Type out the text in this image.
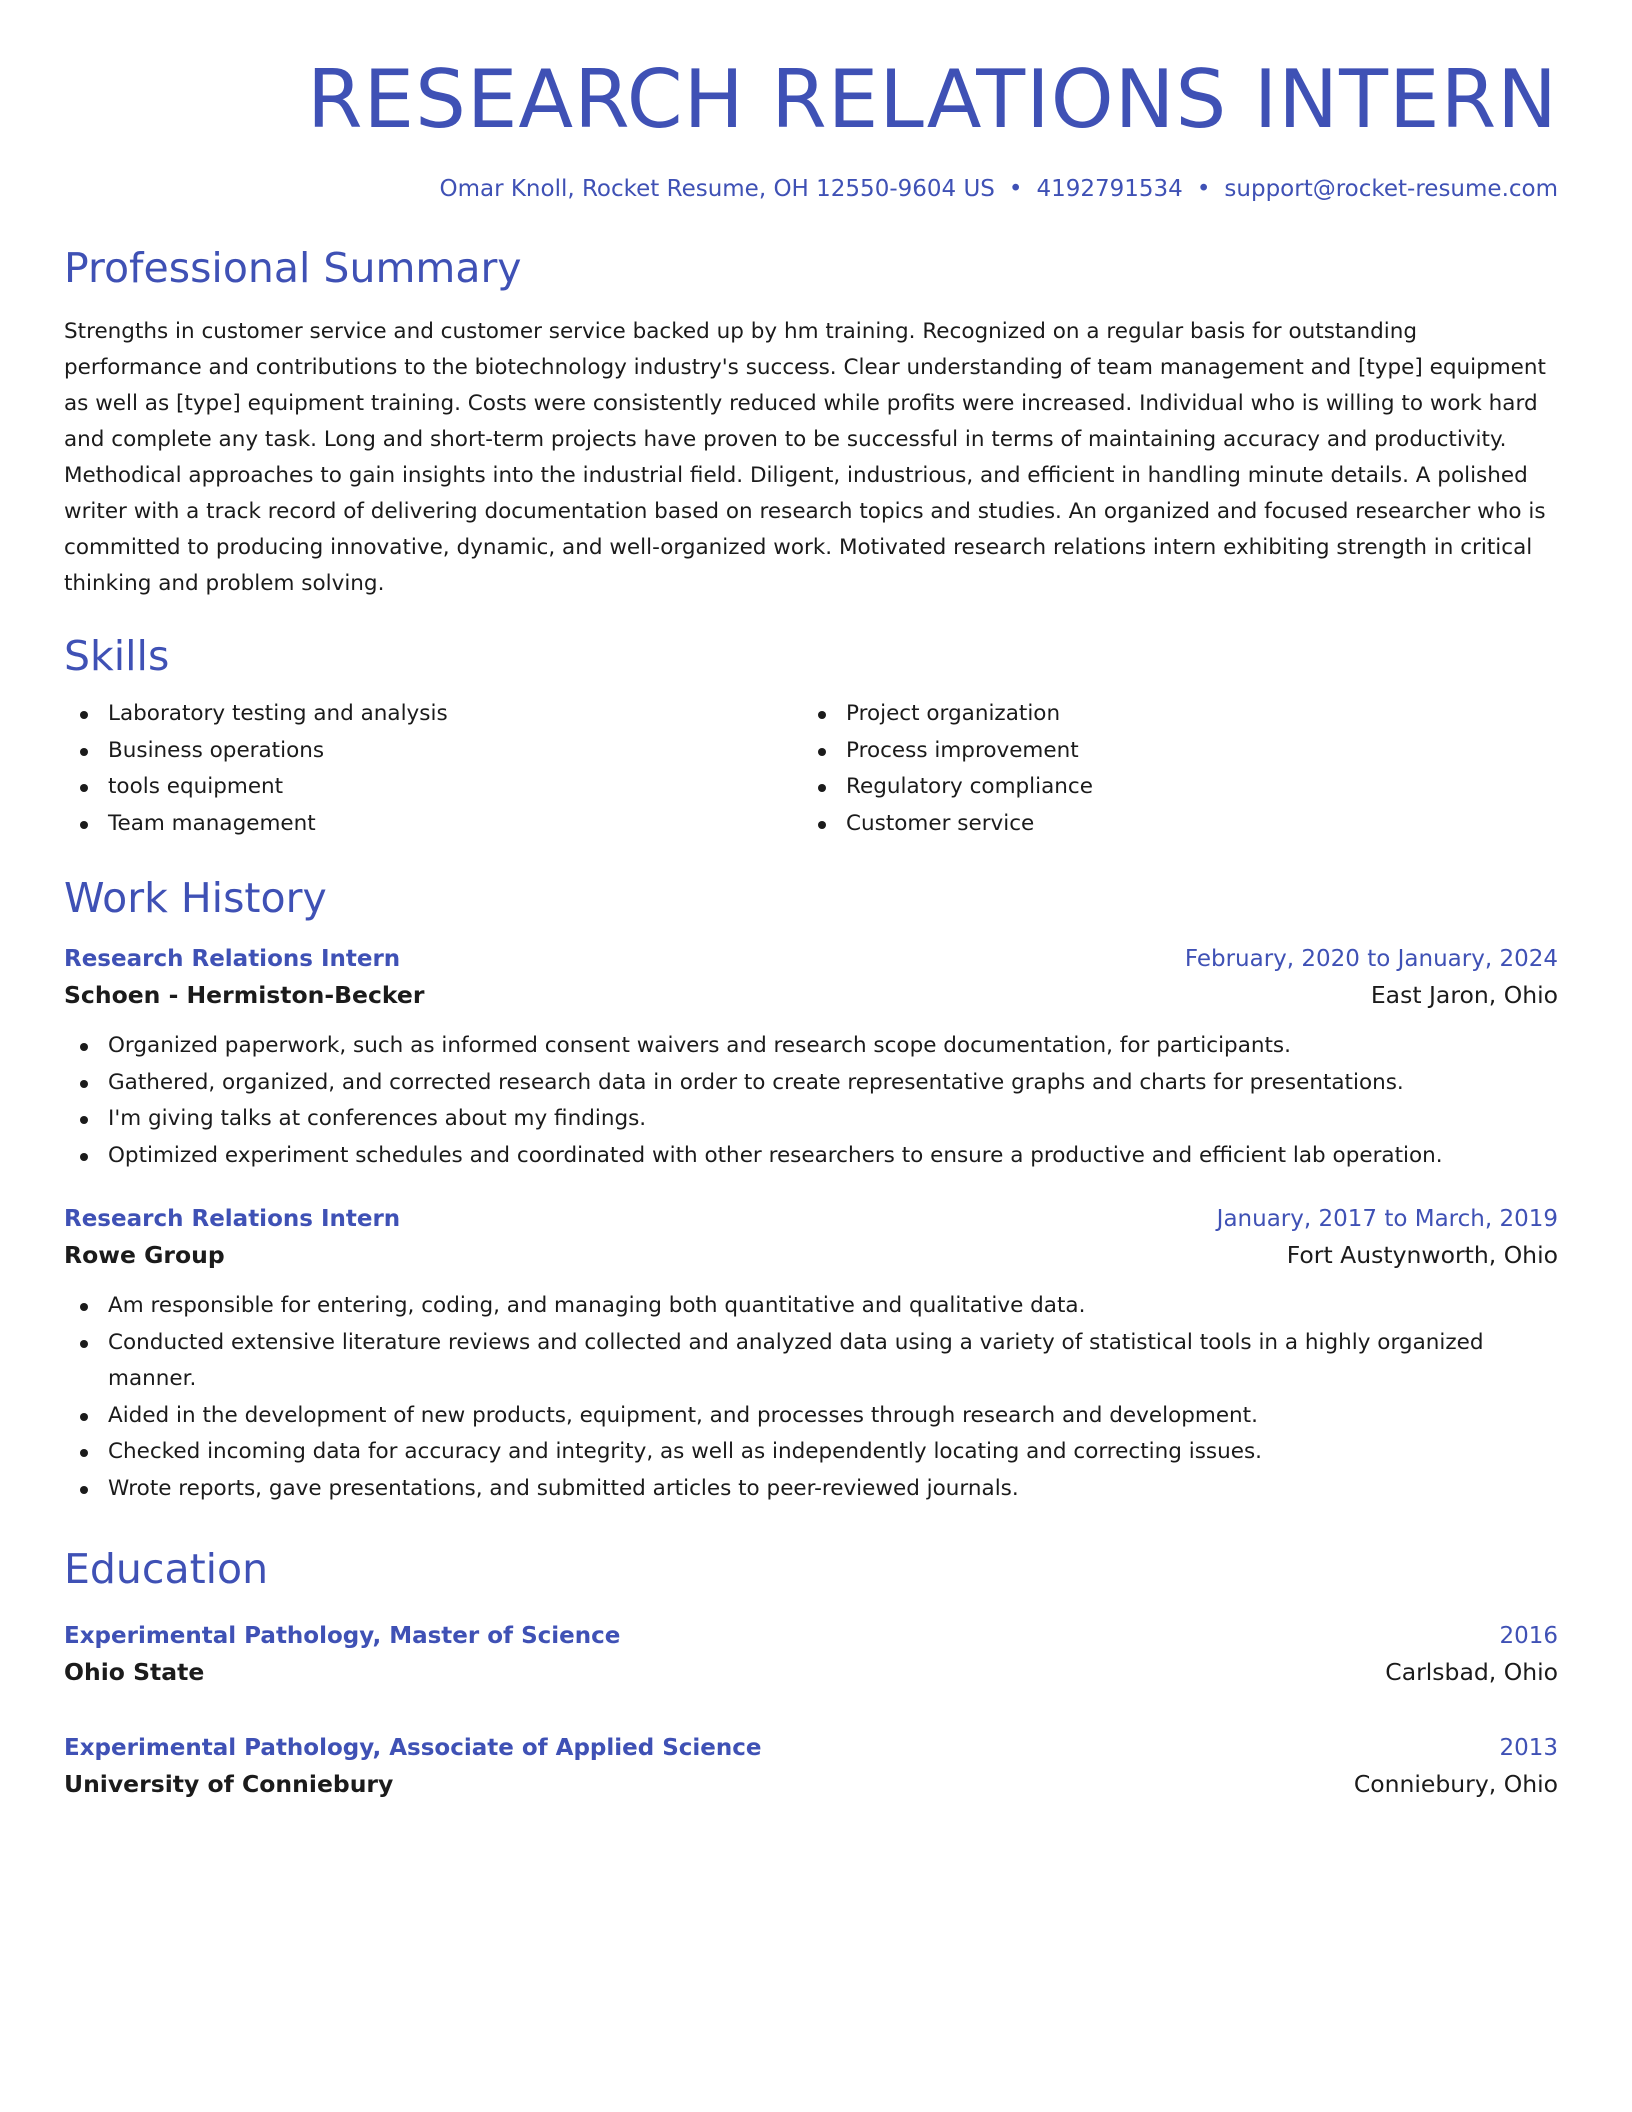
RESEARCH RELATIONS INTERN
Omar Knoll, Rocket Resume, OH 12550-9604 US • 4192791534 • support@rocket-resume.com
Professional Summary

Strengths in customer service and customer service backed up by hm training. Recognized on a regular basis for outstanding performance and contributions to the biotechnology industry's success. Clear understanding of team management and [type] equipment as well as [type] equipment training. Costs were consistently reduced while profits were increased. Individual who is willing to work hard and complete any task. Long and short-term projects have proven to be successful in terms of maintaining accuracy and productivity. Methodical approaches to gain insights into the industrial field. Diligent, industrious, and efficient in handling minute details. A polished writer with a track record of delivering documentation based on research topics and studies. An organized and focused researcher who is committed to producing innovative, dynamic, and well-organized work. Motivated research relations intern exhibiting strength in critical thinking and problem solving.

Skills
Laboratory testing and analysis
Business operations
tools equipment
Team management
Project organization
Process improvement
Regulatory compliance
Customer service
Work History
Research Relations Intern	February, 2020 to January, 2024
Schoen - Hermiston-Becker	East Jaron, Ohio
Organized paperwork, such as informed consent waivers and research scope documentation, for participants.
Gathered, organized, and corrected research data in order to create representative graphs and charts for presentations.
I'm giving talks at conferences about my findings.
Optimized experiment schedules and coordinated with other researchers to ensure a productive and efficient lab operation.
Research Relations Intern	January, 2017 to March, 2019
Rowe Group	Fort Austynworth, Ohio
Am responsible for entering, coding, and managing both quantitative and qualitative data.
Conducted extensive literature reviews and collected and analyzed data using a variety of statistical tools in a highly organized manner.
Aided in the development of new products, equipment, and processes through research and development.
Checked incoming data for accuracy and integrity, as well as independently locating and correcting issues.
Wrote reports, gave presentations, and submitted articles to peer-reviewed journals.
Education
Experimental Pathology, Master of Science	2016
Ohio State	Carlsbad, Ohio
Experimental Pathology, Associate of Applied Science	2013
University of Conniebury	Conniebury, Ohio
